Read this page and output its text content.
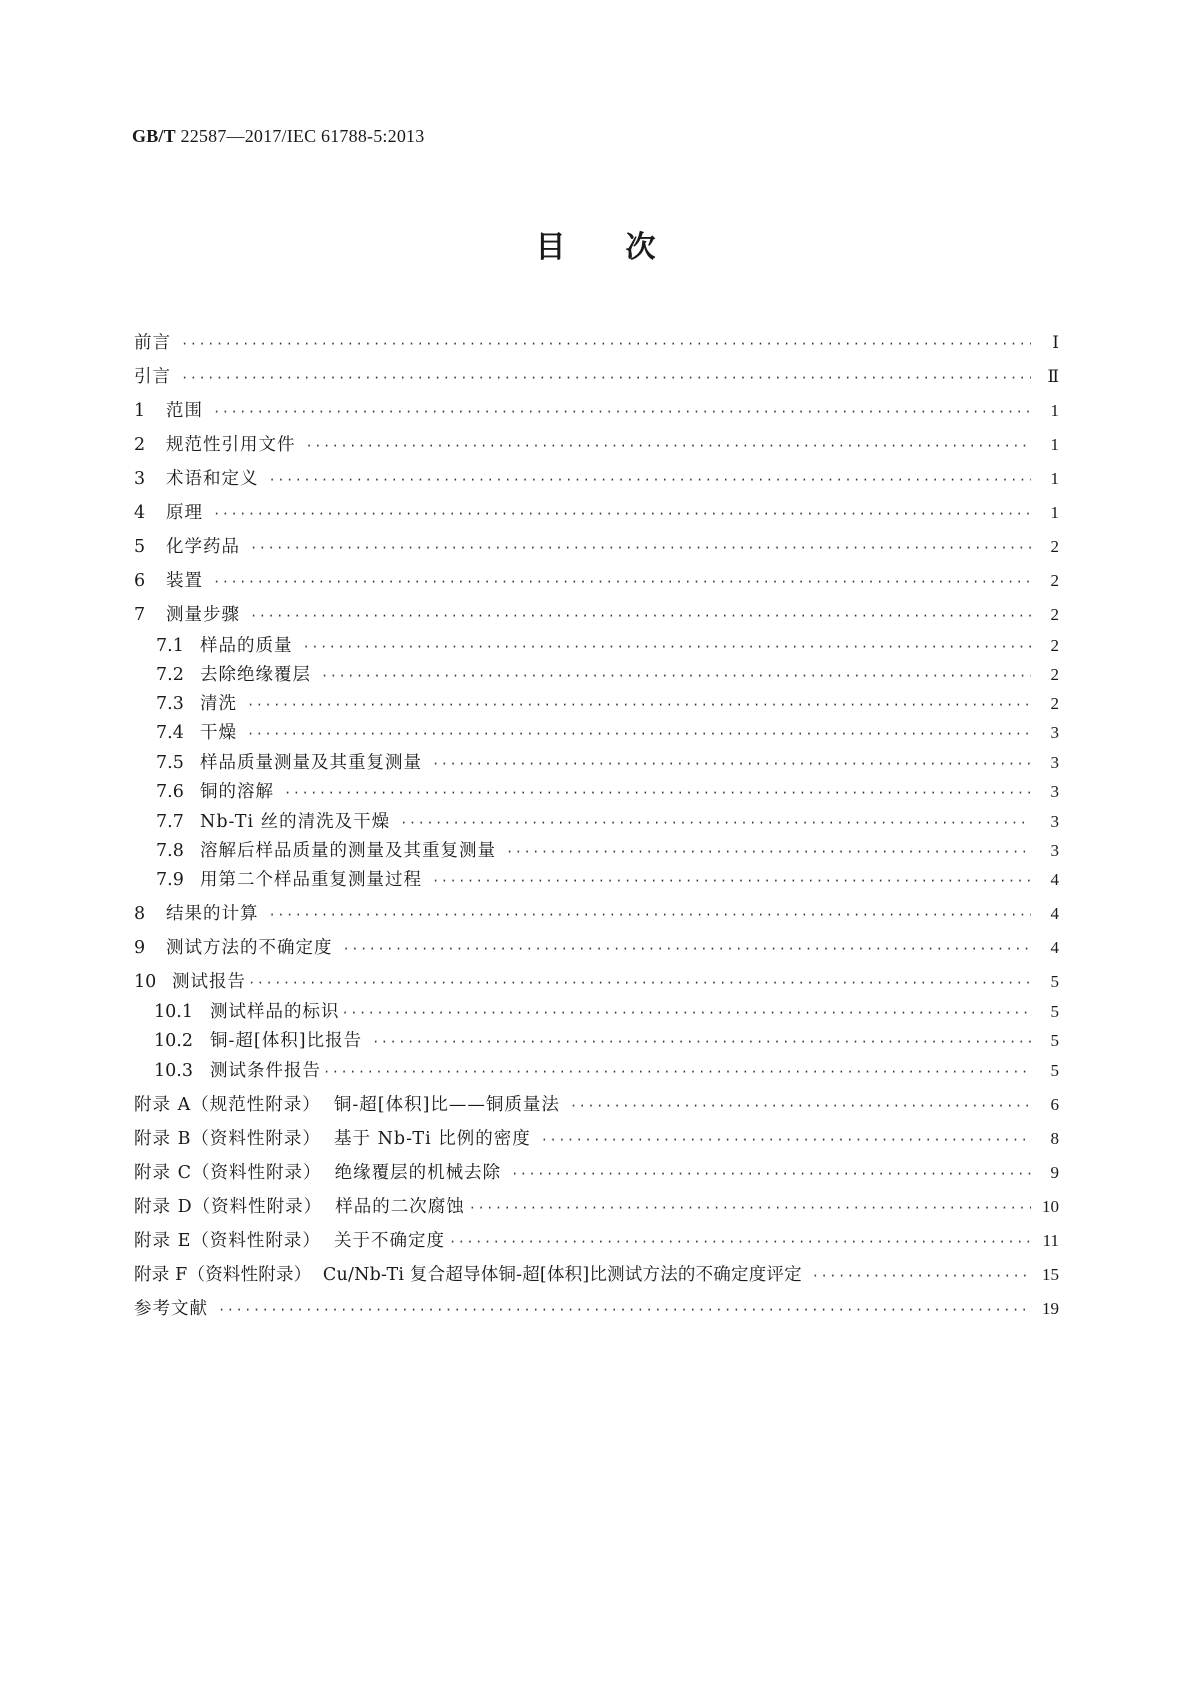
GB/T 22587—2017/IEC 61788-5:2013
目次
前言 ·····	Ⅰ
引言 ·····	Ⅱ
1	范围 ·····	1
2	规范性引用文件 ·····	1
3	术语和定义 ·····	1
4	原理 ·····	1
5	化学药品 ·····	2
6	装置 ·····	2
7	测量步骤 ·····	2
7.1 样品的质量 ·····	2
7.2 去除绝缘覆层 ·····	2
7.3 清洗 ·····	2
7.4 干燥 ·····	3
7.5 样品质量测量及其重复测量 ·····	3
7.6 铜的溶解 ·····	3
7.7 Nb-Ti 丝的清洗及干燥 ·····	3
7.8 溶解后样品质量的测量及其重复测量 ·····	3
7.9 用第二个样品重复测量过程 ·····	4
8	结果的计算 ·····	4
9	测试方法的不确定度 ·····	4
10 测试报告 ·····	5
10.1 测试样品的标识 ·····	5
10.2 铜-超[体积]比报告 ·····	5
10.3 测试条件报告 ·····	5
附录 A（规范性附录）  铜-超[体积]比——铜质量法 ·····	6
附录 B（资料性附录）  基于 Nb-Ti 比例的密度 ·····	8
附录 C（资料性附录）  绝缘覆层的机械去除 ·····	9
附录 D（资料性附录）  样品的二次腐蚀 ·····	10
附录 E（资料性附录）  关于不确定度 ·····	11
附录 F（资料性附录）  Cu/Nb-Ti 复合超导体铜-超[体积]比测试方法的不确定度评定 ·····	15
参考文献 ·····	19
